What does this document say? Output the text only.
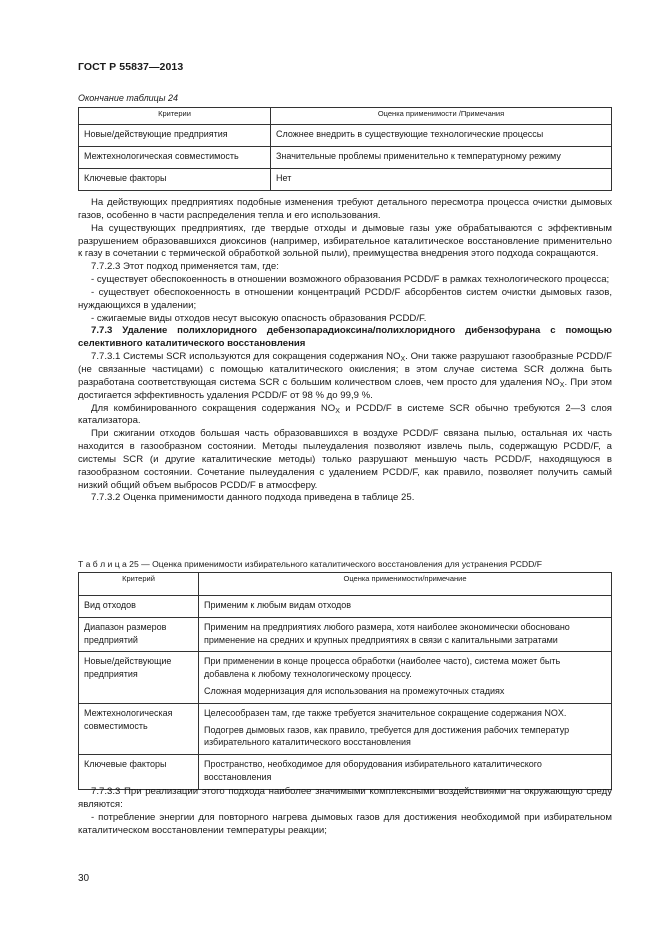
ГОСТ Р 55837—2013
Окончание таблицы 24
Критерии	Оценка применимости /Примечания
Новые/действующие предприятия	Сложнее внедрить в существующие технологические процессы
Межтехнологическая совместимость	Значительные проблемы применительно к температурному режиму
Ключевые факторы	Нет

На действующих предприятиях подобные изменения требуют детального пересмотра процесса очистки дымовых газов, особенно в части распределения тепла и его использования.

На существующих предприятиях, где твердые отходы и дымовые газы уже обрабатываются с эффективным разрушением образовавшихся диоксинов (например, избирательное каталитическое восстановление применительно к газу в сочетании с термической обработкой зольной пыли), преимущества внедрения этого подхода сокращаются.

7.7.2.3 Этот подход применяется там, где:

- существует обеспокоенность в отношении возможного образования PCDD/F в рамках технологического процесса;

- существует обеспокоенность в отношении концентраций PCDD/F абсорбентов систем очистки дымовых газов, нуждающихся в удалении;

- сжигаемые виды отходов несут высокую опасность образования PCDD/F.

7.7.3 Удаление полихлоридного дебензопарадиоксина/полихлоридного дибензофурана с помощью селективного каталитического восстановления

7.7.3.1 Системы SCR используются для сокращения содержания $NO_X$. Они также разрушают газообразные PCDD/F (не связанные частицами) с помощью каталитического окисления; в этом случае система SCR должна быть разработана соответствующая система SCR с большим количеством слоев, чем просто для удаления $NO_X$. При этом достигается эффективность удаления PCDD/F от 98 % до 99,9 %.

Для комбинированного сокращения содержания $NO_X$ и PCDD/F в системе SCR обычно требуются 2—3 слоя катализатора.

При сжигании отходов большая часть образовавшихся в воздухе PCDD/F связана пылью, остальная их часть находится в газообразном состоянии. Методы пылеудаления позволяют извлечь пыль, содержащую PCDD/F, а системы SCR (и другие каталитические методы) только разрушают меньшую часть PCDD/F, находящуюся в газообразном состоянии. Сочетание пылеудаления с удалением PCDD/F, как правило, позволяет получить самый низкий общий объем выбросов PCDD/F в атмосферу.

7.7.3.2 Оценка применимости данного подхода приведена в таблице 25.

Т а б л и ц а 25 — Оценка применимости избирательного каталитического восстановления для устранения PCDD/F
Критерий	Оценка применимости/примечание
Вид отходов	Применим к любым видам отходов

Диапазон размеров предприятий	Применим на предприятиях любого размера, хотя наиболее экономически обосновано применение на средних и крупных предприятиях в связи с капитальными затратами

Новые/действующие предприятия	При применении в конце процесса обработки (наиболее часто), система может быть добавлена к любому технологическому процессу.

Сложная модернизация для использования на промежуточных стадиях

Межтехнологическая совместимость	Целесообразен там, где также требуется значительное сокращение содержания NOX.

Подогрев дымовых газов, как правило, требуется для достижения рабочих температур избирательного каталитического восстановления

Ключевые факторы	Пространство, необходимое для оборудования избирательного каталитического восстановления

7.7.3.3 При реализации этого подхода наиболее значимыми комплексными воздействиями на окружающую среду являются:

- потребление энергии для повторного нагрева дымовых газов для достижения необходимой при избирательном каталитическом восстановлении температуры реакции;

30
